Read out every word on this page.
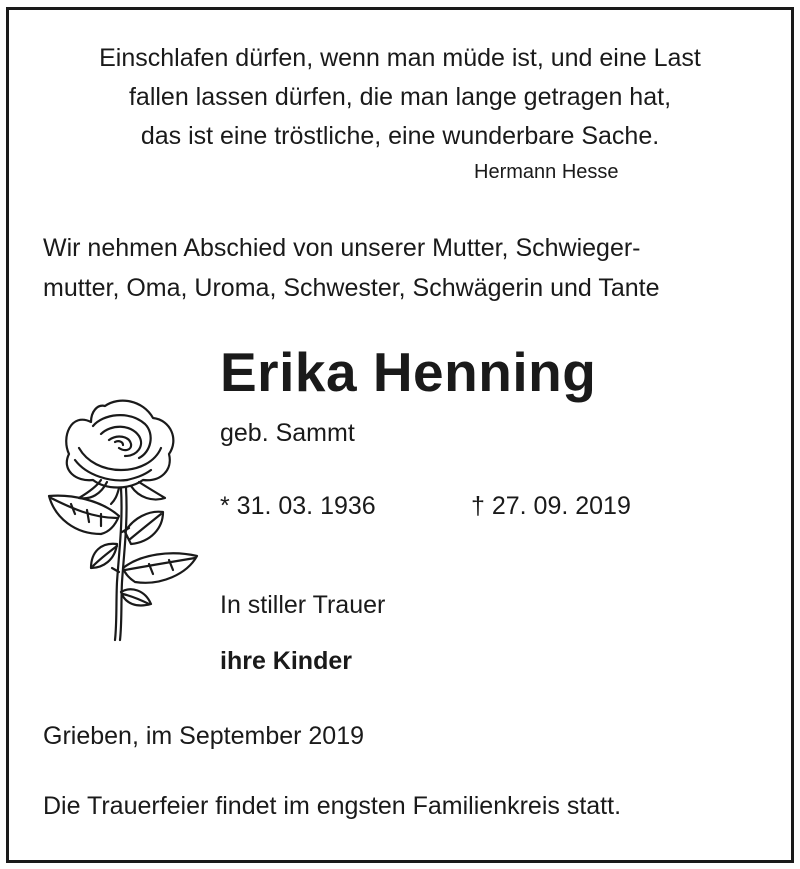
Einschlafen dürfen, wenn man müde ist, und eine Last
fallen lassen dürfen, die man lange getragen hat,
das ist eine tröstliche, eine wunderbare Sache.
Hermann Hesse
Wir nehmen Abschied von unserer Mutter, Schwieger-
mutter, Oma, Uroma, Schwester, Schwägerin und Tante
Erika Henning
geb. Sammt
* 31. 03. 1936	† 27. 09. 2019
In stiller Trauer
ihre Kinder
Grieben, im September 2019
Die Trauerfeier findet im engsten Familienkreis statt.
